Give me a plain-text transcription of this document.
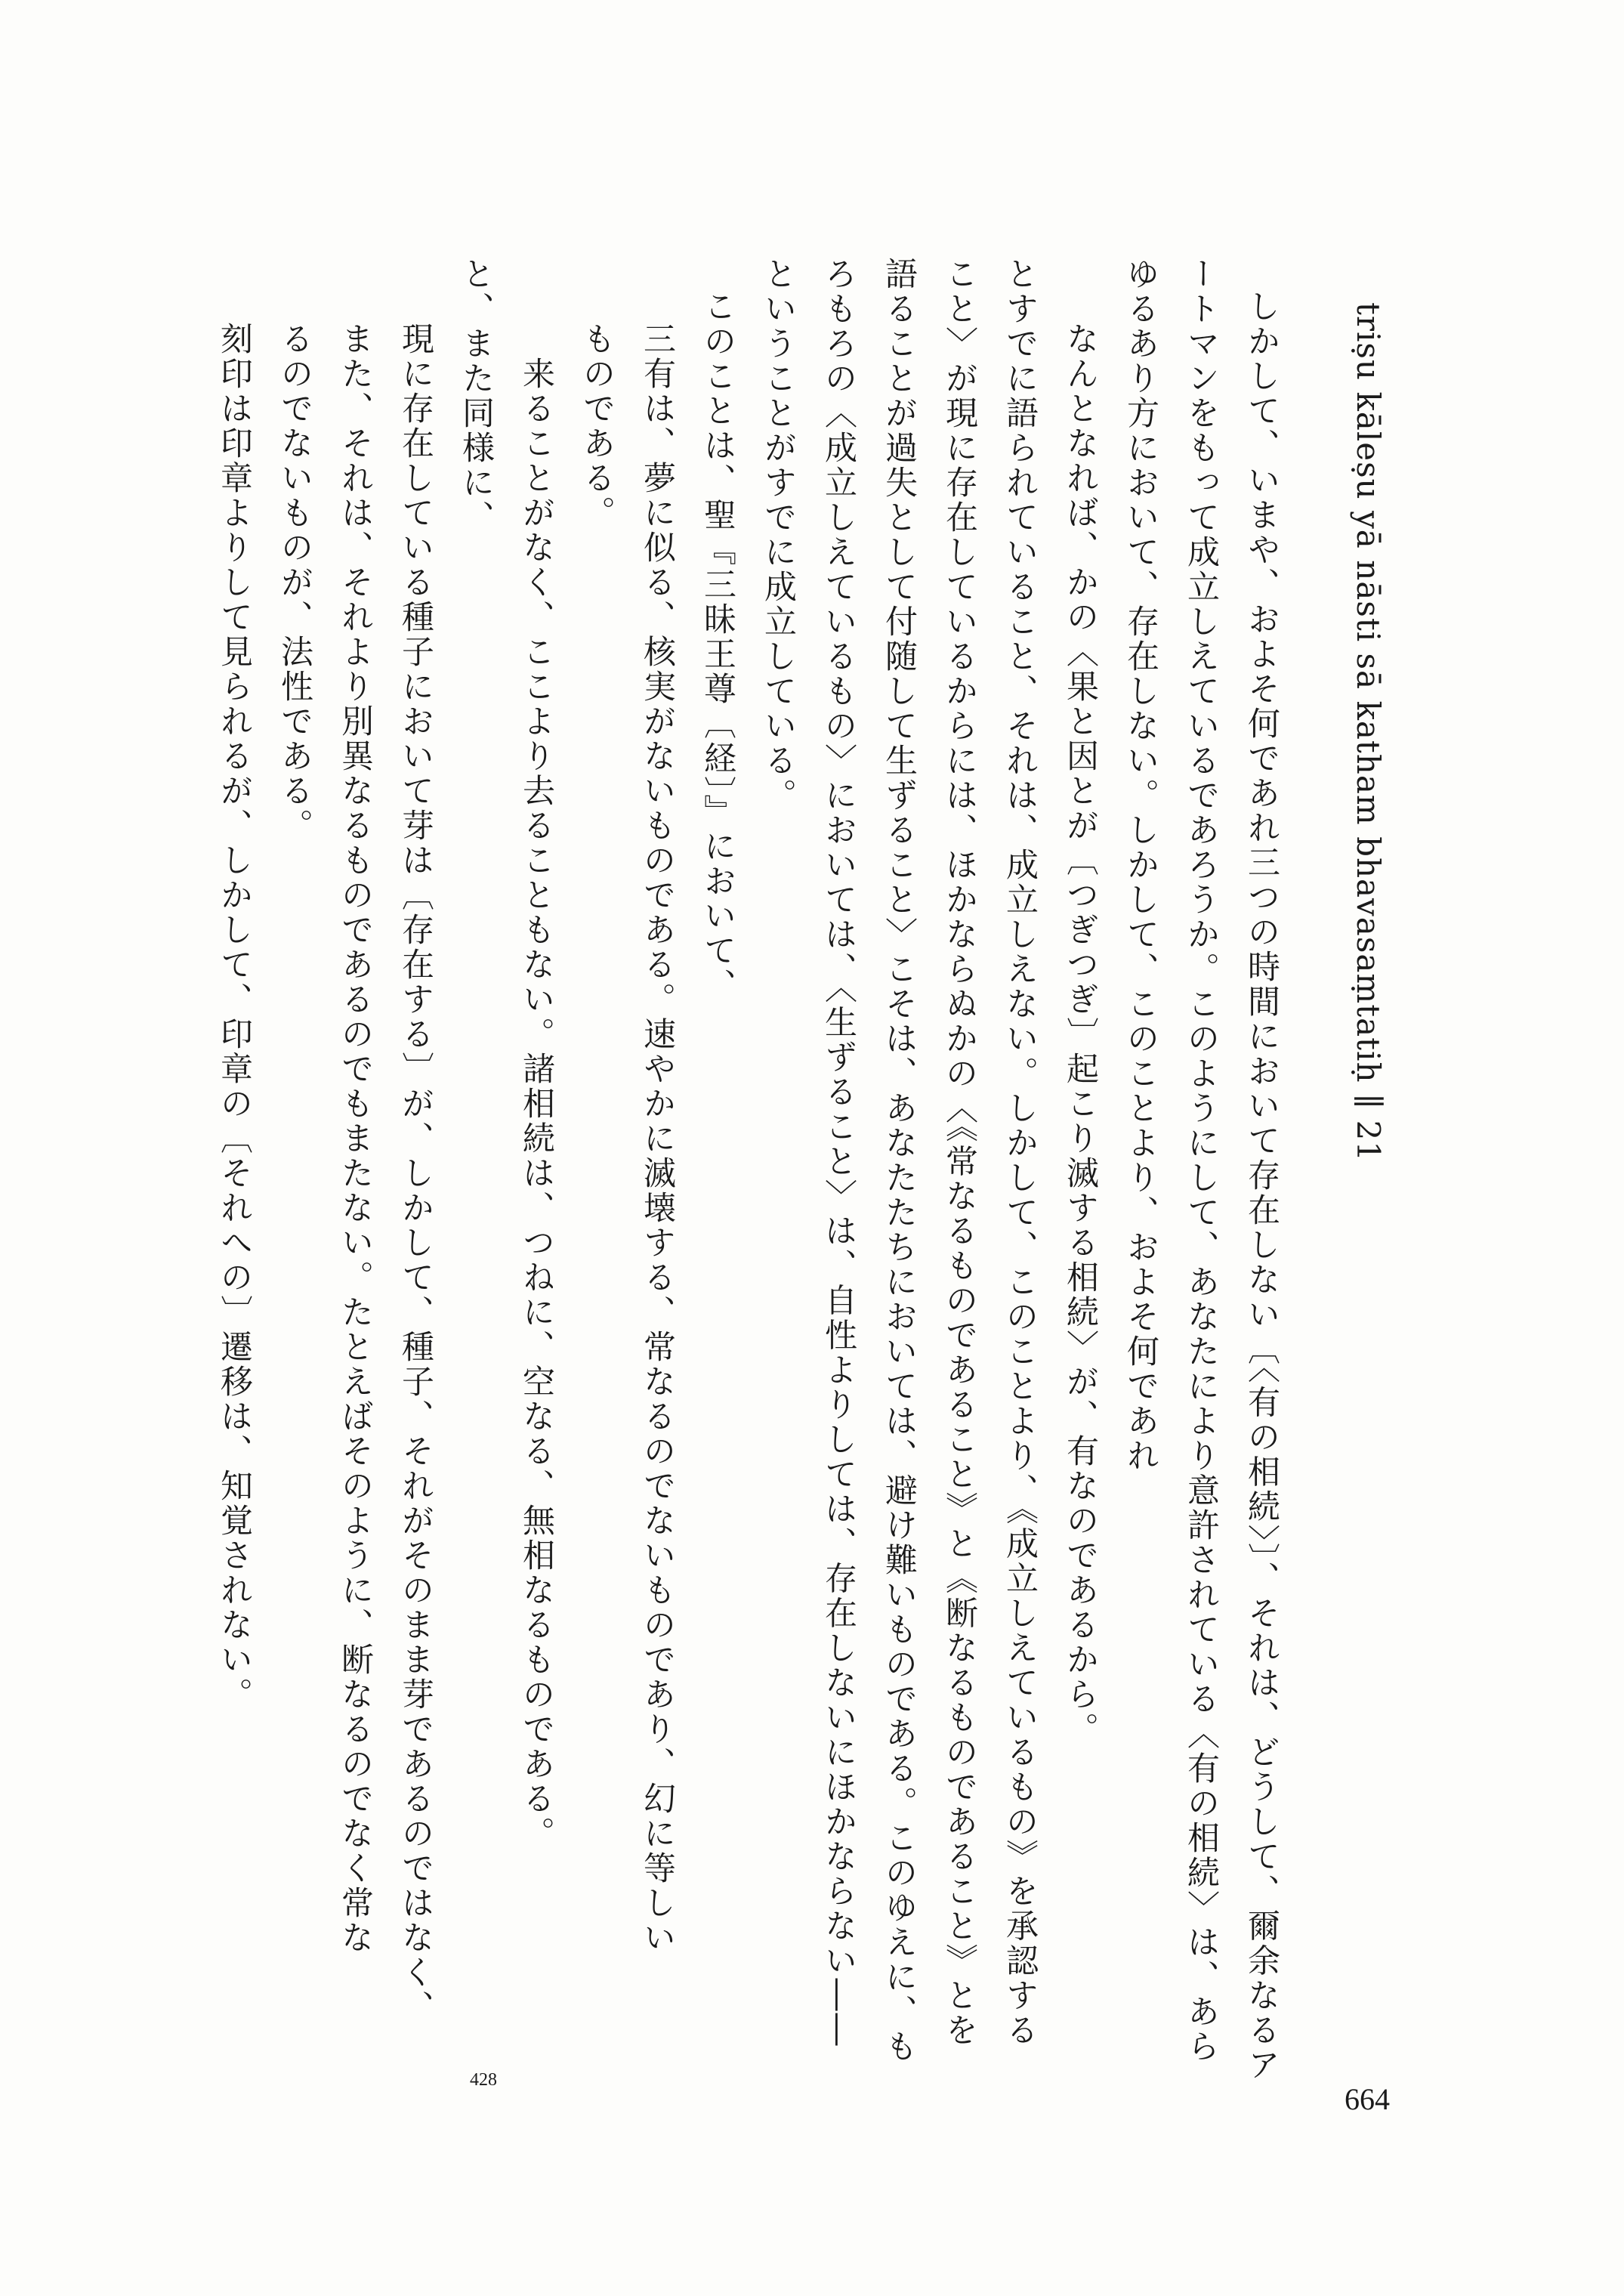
triṣu kāleṣu yā nāsti sā katham bhavasaṃtatiḥ ∥ 21
664
しかして、いまや、およそ何であれ三つの時間において存在しない〔〈有の相続〉〕、それは、どうして、爾余なるア
ートマンをもって成立しえているであろうか。このようにして、あなたにより意許されている〈有の相続〉は、あら
ゆるあり方において、存在しない。しかして、このことより、およそ何であれ
なんとなれば、かの〈果と因とが〔つぎつぎ〕起こり滅する相続〉が、有なのであるから。
とすでに語られていること、それは、成立しえない。しかして、このことより、《成立しえているもの》を承認する
こと〉が現に存在しているからには、ほかならぬかの〈《常なるものであること》と《断なるものであること》とを
語ることが過失として付随して生ずること〉こそは、あなたたちにおいては、避け難いものである。このゆえに、も
ろもろの〈成立しえているもの〉においては、〈生ずること〉は、自性よりしては、存在しないにほかならない――
ということがすでに成立している。
このことは、聖『三昧王尊〔経〕』において、
三有は、夢に似る、核実がないものである。速やかに滅壊する、常なるのでないものであり、幻に等しい
ものである。
来ることがなく、ここより去ることもない。諸相続は、つねに、空なる、無相なるものである。
と、また同様に、
現に存在している種子において芽は〔存在する〕が、しかして、種子、それがそのまま芽であるのではなく、
また、それは、それより別異なるものであるのでもまたない。たとえばそのように、断なるのでなく常な
るのでないものが、法性である。
刻印は印章よりして見られるが、しかして、印章の〔それへの〕遷移は、知覚されない。
428
